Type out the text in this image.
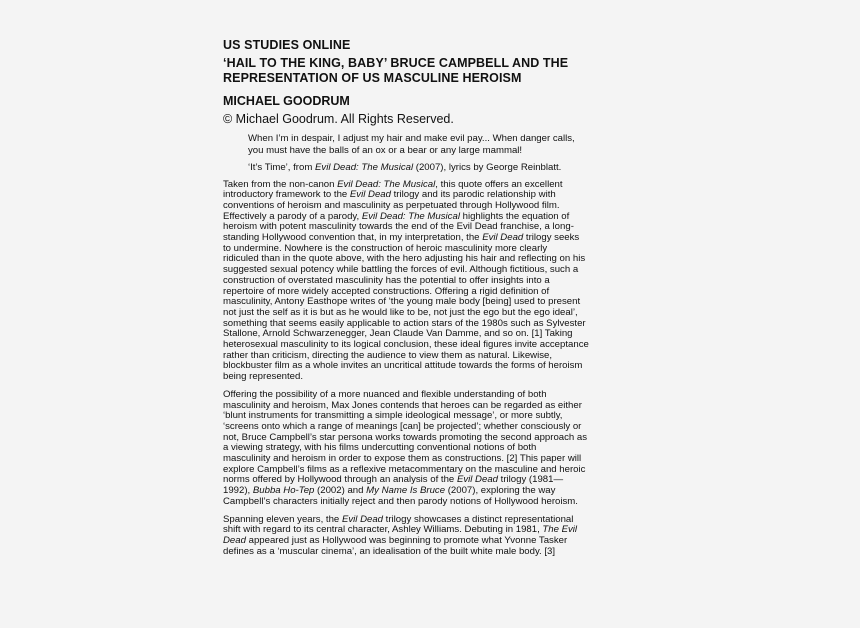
US STUDIES ONLINE
‘HAIL TO THE KING, BABY’ BRUCE CAMPBELL AND THE
REPRESENTATION OF US MASCULINE HEROISM
MICHAEL GOODRUM
© Michael Goodrum. All Rights Reserved.

When I’m in despair, I adjust my hair and make evil pay... When danger calls,
you must have the balls of an ox or a bear or any large mammal!

‘It’s Time’, from Evil Dead: The Musical (2007), lyrics by George Reinblatt.

Taken from the non-canon Evil Dead: The Musical, this quote offers an excellent
introductory framework to the Evil Dead trilogy and its parodic relationship with
conventions of heroism and masculinity as perpetuated through Hollywood film.
Effectively a parody of a parody, Evil Dead: The Musical highlights the equation of
heroism with potent masculinity towards the end of the Evil Dead franchise, a long-
standing Hollywood convention that, in my interpretation, the Evil Dead trilogy seeks
to undermine. Nowhere is the construction of heroic masculinity more clearly
ridiculed than in the quote above, with the hero adjusting his hair and reflecting on his
suggested sexual potency while battling the forces of evil. Although fictitious, such a
construction of overstated masculinity has the potential to offer insights into a
repertoire of more widely accepted constructions. Offering a rigid definition of
masculinity, Antony Easthope writes of ‘the young male body [being] used to present
not just the self as it is but as he would like to be, not just the ego but the ego ideal’,
something that seems easily applicable to action stars of the 1980s such as Sylvester
Stallone, Arnold Schwarzenegger, Jean Claude Van Damme, and so on. [1] Taking
heterosexual masculinity to its logical conclusion, these ideal figures invite acceptance
rather than criticism, directing the audience to view them as natural. Likewise,
blockbuster film as a whole invites an uncritical attitude towards the forms of heroism
being represented.

Offering the possibility of a more nuanced and flexible understanding of both
masculinity and heroism, Max Jones contends that heroes can be regarded as either
‘blunt instruments for transmitting a simple ideological message’, or more subtly,
‘screens onto which a range of meanings [can] be projected’; whether consciously or
not, Bruce Campbell’s star persona works towards promoting the second approach as
a viewing strategy, with his films undercutting conventional notions of both
masculinity and heroism in order to expose them as constructions. [2] This paper will
explore Campbell’s films as a reflexive metacommentary on the masculine and heroic
norms offered by Hollywood through an analysis of the Evil Dead trilogy (1981—
1992), Bubba Ho-Tep (2002) and My Name Is Bruce (2007), exploring the way
Campbell’s characters initially reject and then parody notions of Hollywood heroism.

Spanning eleven years, the Evil Dead trilogy showcases a distinct representational
shift with regard to its central character, Ashley Williams. Debuting in 1981, The Evil
Dead appeared just as Hollywood was beginning to promote what Yvonne Tasker
defines as a ‘muscular cinema’, an idealisation of the built white male body. [3]
